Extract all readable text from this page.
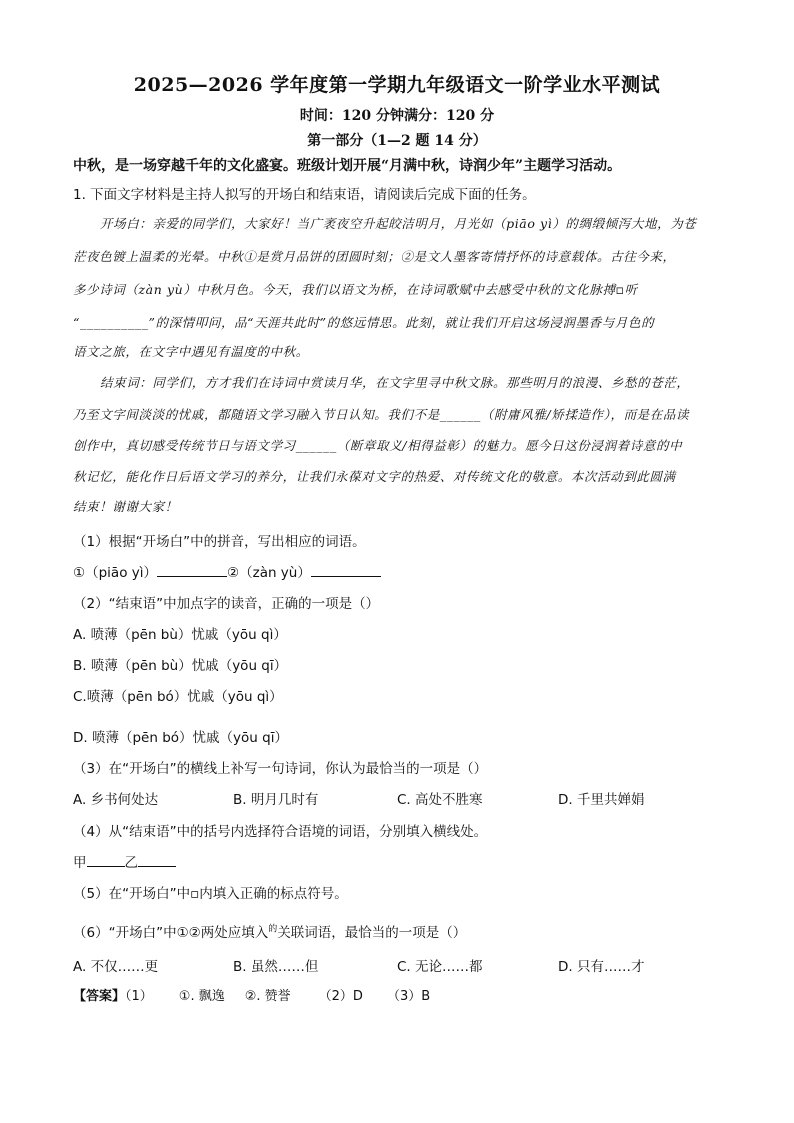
2025—2026 学年度第一学期九年级语文一阶学业水平测试
时间：120 分钟满分：120 分
第一部分（1—2 题 14 分）
中秋，是一场穿越千年的文化盛宴。班级计划开展“月满中秋，诗润少年”主题学习活动。
1. 下面文字材料是主持人拟写的开场白和结束语，请阅读后完成下面的任务。
开场白：亲爱的同学们，大家好！当广袤夜空升起皎洁明月，月光如（piāo yì）的绸缎倾泻大地，为苍
茫夜色镀上温柔的光晕。中秋①是赏月品饼的团圆时刻；②是文人墨客寄情抒怀的诗意载体。古往今来，
多少诗词（zàn yù）中秋月色。今天，我们以语文为桥，在诗词歌赋中去感受中秋的文化脉搏▫听
“__________”的深情叩问，品“天涯共此时”的悠远情思。此刻，就让我们开启这场浸润墨香与月色的
语文之旅，在文字中遇见有温度的中秋。
结束词：同学们，方才我们在诗词中赏读月华，在文字里寻中秋文脉。那些明月的浪漫、乡愁的苍茫，
乃至文字间淡淡的忧戚，都随语文学习融入节日认知。我们不是______（附庸风雅/矫揉造作），而是在品读
创作中，真切感受传统节日与语文学习______（断章取义/相得益彰）的魅力。愿今日这份浸润着诗意的中
秋记忆，能化作日后语文学习的养分，让我们永葆对文字的热爱、对传统文化的敬意。本次活动到此圆满
结束！谢谢大家！
（1）根据“开场白”中的拼音，写出相应的词语。
①（piāo yì）	②（zàn yù）
（2）“结束语”中加点字的读音，正确的一项是（）
A. 喷薄（pēn bù）忧戚（yōu qì）
B. 喷薄（pēn bù）忧戚（yōu qī）
C.喷薄（pēn bó）忧戚（yōu qì）
D. 喷薄（pēn bó）忧戚（yōu qī）
（3）在“开场白”的横线上补写一句诗词，你认为最恰当的一项是（）
A. 乡书何处达	B. 明月几时有	C. 高处不胜寒	D. 千里共婵娟
（4）从“结束语”中的括号内选择符合语境的词语，分别填入横线处。
甲	乙
（5）在“开场白”中▫内填入正确的标点符号。
（6）“开场白”中①②两处应填入$^的$关联词语，最恰当的一项是（）
A. 不仅……更	B. 虽然……但	C. 无论……都	D. 只有……才
【答案】（1） ①. 飘逸 ②. 赞誉 （2）D （3）B
